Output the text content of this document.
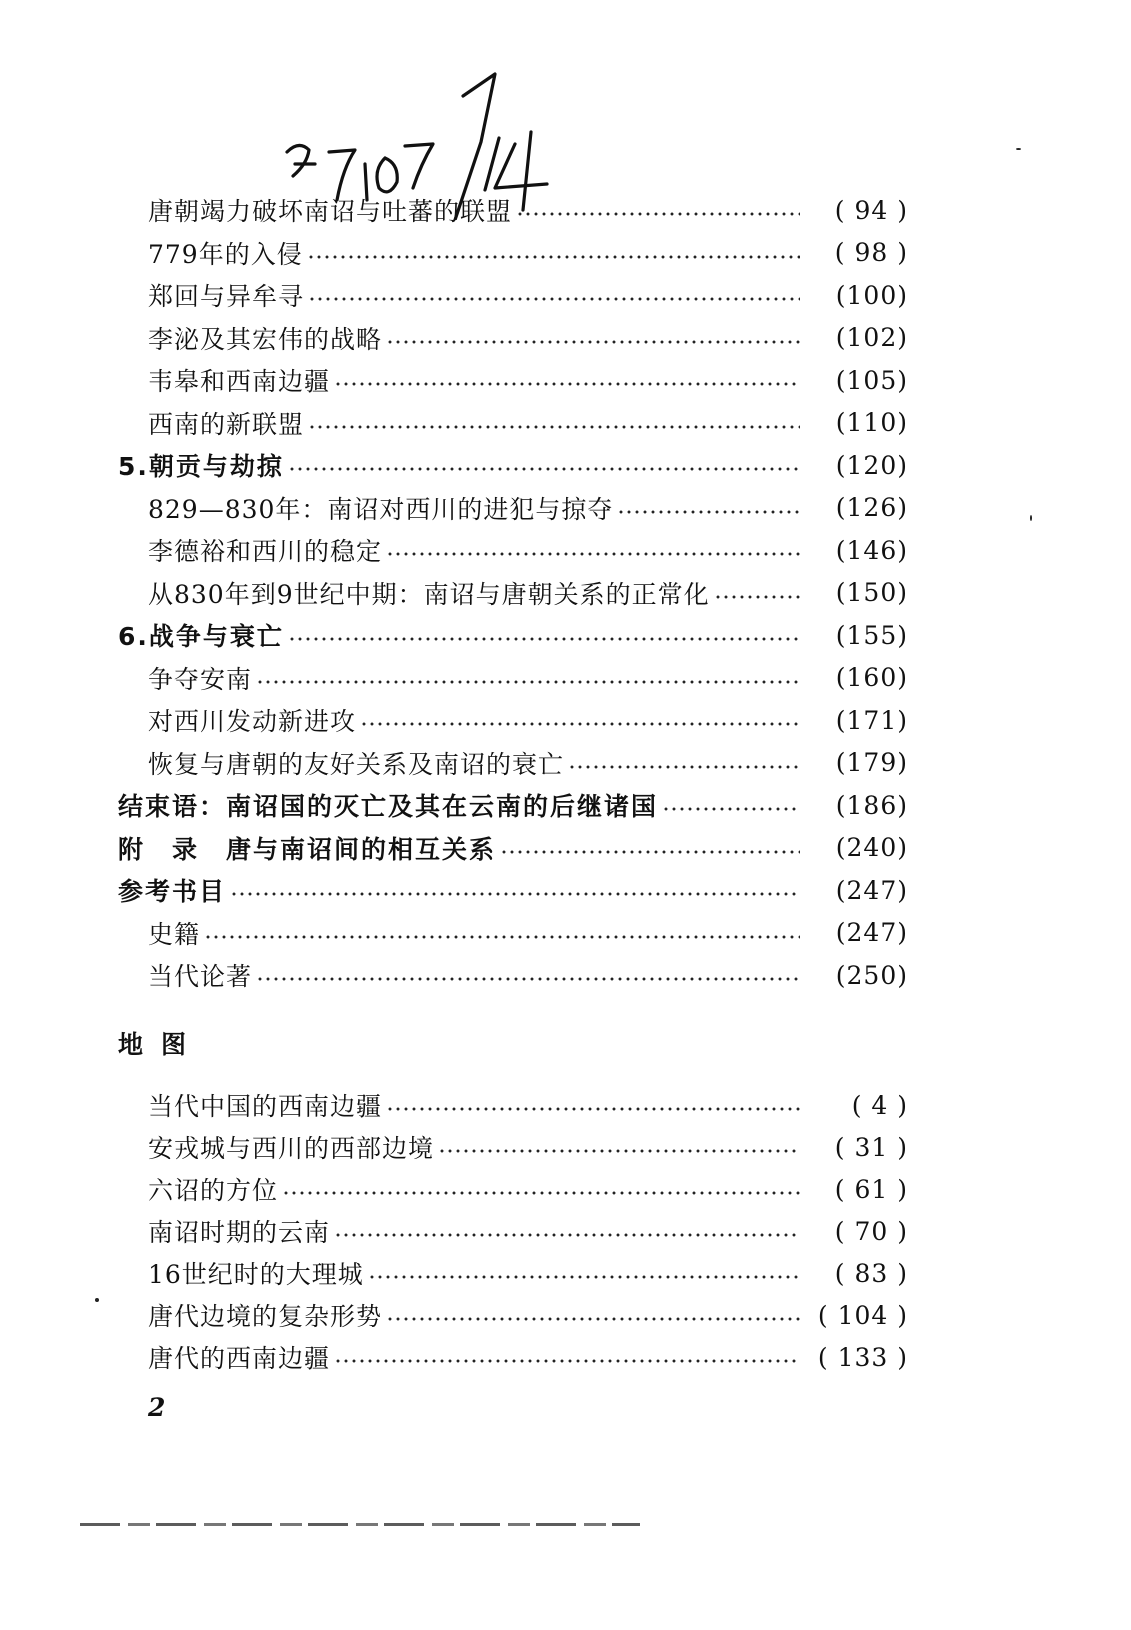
唐朝竭力破坏南诏与吐蕃的联盟	( 94 )
779年的入侵	( 98 )
郑回与异牟寻	(100)
李泌及其宏伟的战略	(102)
韦皋和西南边疆	(105)
西南的新联盟	(110)
5.朝贡与劫掠	(120)
829—830年：南诏对西川的进犯与掠夺	(126)
李德裕和西川的稳定	(146)
从830年到9世纪中期：南诏与唐朝关系的正常化	(150)
6.战争与衰亡	(155)
争夺安南	(160)
对西川发动新进攻	(171)
恢复与唐朝的友好关系及南诏的衰亡	(179)
结束语：南诏国的灭亡及其在云南的后继诸国	(186)
附　录　唐与南诏间的相互关系	(240)
参考书目	(247)
史籍	(247)
当代论著	(250)
地图
当代中国的西南边疆	( 4 )
安戎城与西川的西部边境	( 31 )
六诏的方位	( 61 )
南诏时期的云南	( 70 )
16世纪时的大理城	( 83 )
唐代边境的复杂形势	( 104 )
唐代的西南边疆	( 133 )
2
